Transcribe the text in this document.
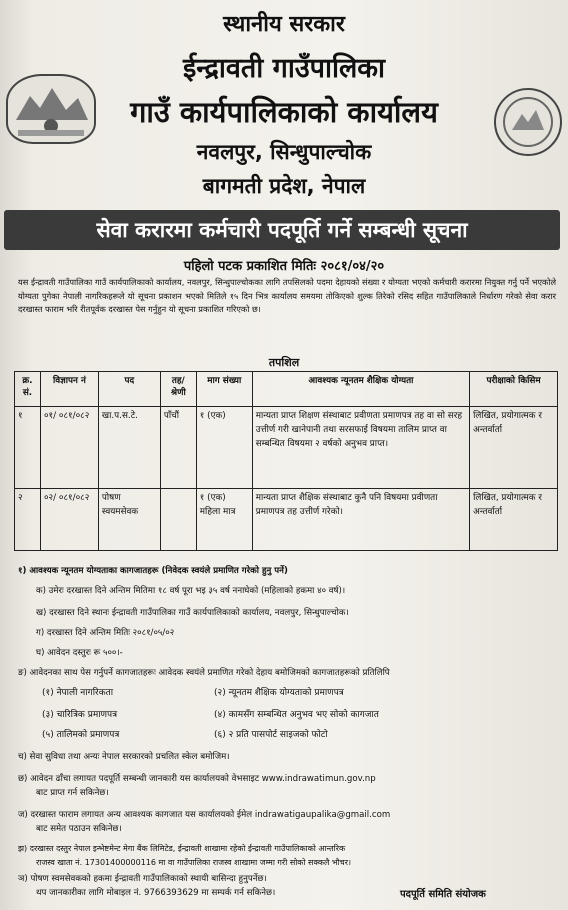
स्थानीय सरकार
ईन्द्रावती गाउँपालिका
गाउँ कार्यपालिकाको कार्यालय
नवलपुर, सिन्धुपाल्चोक
बागमती प्रदेश, नेपाल
सेवा करारमा कर्मचारी पदपूर्ति गर्ने सम्बन्धी सूचना
पहिलो पटक प्रकाशित मितिः २०८१/०४/२०
यस ईन्द्रावती गाउँपालिका गाउँ कार्यपालिकाको कार्यालय, नवलपुर, सिन्धुपाल्चोकका लागि तपसिलको पदमा देहायको संख्या र योग्यता भएको कर्मचारी करारमा नियुक्त गर्नु पर्ने भएकोले योग्यता पुगेका नेपाली नागरिकहरूले यो सूचना प्रकाशन भएको मितिले १५ दिन भित्र कार्यालय समयमा तोकिएको शुल्क तिरेको रसिद सहित गाउँपालिकाले निर्धारण गरेको सेवा करार दरखास्त फाराम भरि रीतपूर्वक दरखास्त पेस गर्नुहुन यो सूचना प्रकाशित गरिएको छ।
तपशिल
क्र. सं.	विज्ञापन नं	पद	तह/ श्रेणी	माग संख्या	आवश्यक न्यूनतम शैक्षिक योग्यता	परीक्षाको किसिम
१	०१/ ०८१/०८२	खा.प.स.टे.	पाँचौं	१ (एक)	मान्यता प्राप्त शिक्षण संस्थाबाट प्रवीणता प्रमाणपत्र तह वा सो सरह उत्तीर्ण गरी खानेपानी तथा सरसफाई विषयमा तालिम प्राप्त वा सम्बन्धित विषयमा २ वर्षको अनुभव प्राप्त।	लिखित, प्रयोगात्मक र अन्तर्वार्ता
२	०२/ ०८१/०८२	पोषण स्वयमसेवक		१ (एक) महिला मात्र	मान्यता प्राप्त शैक्षिक संस्थाबाट कुनै पनि विषयमा प्रवीणता प्रमाणपत्र तह उत्तीर्ण गरेको।	लिखित, प्रयोगात्मक र अन्तर्वार्ता
१) आवश्यक न्यूनतम योग्यताका कागजातहरू (निवेदक स्वयंले प्रमाणित गरेको हुनु पर्ने)
क) उमेरः दरखास्त दिने अन्तिम मितिमा १८ वर्ष पूरा भइ ३५ वर्ष ननाघेको (महिलाको हकमा ४० वर्ष)।
ख) दरखास्त दिने स्थानः ईन्द्रावती गाउँपालिका गाउँ कार्यपालिकाको कार्यालय, नवलपुर, सिन्धुपाल्चोक।
ग) दरखास्त दिने अन्तिम मितिः २०८१/०५/०२
घ) आवेदन दस्तुरः रू ५००।-
ङ) आवेदनका साथ पेस गर्नुपर्ने कागजातहरूः आवेदक स्वयंले प्रमाणित गरेको देहाय बमोजिमको कागजातहरूको प्रतिलिपि
(१) नेपाली नागरिकता	(२) न्यूनतम शैक्षिक योग्यताको प्रमाणपत्र
(३) चारित्रिक प्रमाणपत्र	(४) कामसँग सम्बन्धित अनुभव भए सोको कागजात
(५) तालिमको प्रमाणपत्र	(६) २ प्रति पासपोर्ट साइजको फोटो
च) सेवा सुविधा तथा अन्यः नेपाल सरकारको प्रचलित स्केल बमोजिम।
छ) आवेदन ढाँचा लगायत पदपूर्ति सम्बन्धी जानकारी यस कार्यालयको वेभसाइट www.indrawatimun.gov.np
बाट प्राप्त गर्न सकिनेछ।
ज) दरखास्त फाराम लगायत अन्य आवश्यक कागजात यस कार्यालयको ईमेल indrawatigaupalika@gmail.com
बाट समेत पठाउन सकिनेछ।
झ) दरखास्त दस्तुर नेपाल इन्भेष्टमेन्ट मेगा बैंक लिमिटेड, ईन्द्रावती शाखामा रहेको ईन्द्रावती गाउँपालिकाको आन्तरिक
राजस्व खाता नं. 17301400000116 मा वा गाउँपालिका राजस्व शाखामा जम्मा गरी सोको सक्कलै भौचर।
ञ) पोषण स्वमसेवकको हकमा ईन्द्रावती गाउँपालिकाको स्थायी बासिन्दा हुनुपर्नेछ।
थप जानकारीका लागि मोबाइल नं. 9766393629 मा सम्पर्क गर्न सकिनेछ।	पदपूर्ति समिति संयोजक
